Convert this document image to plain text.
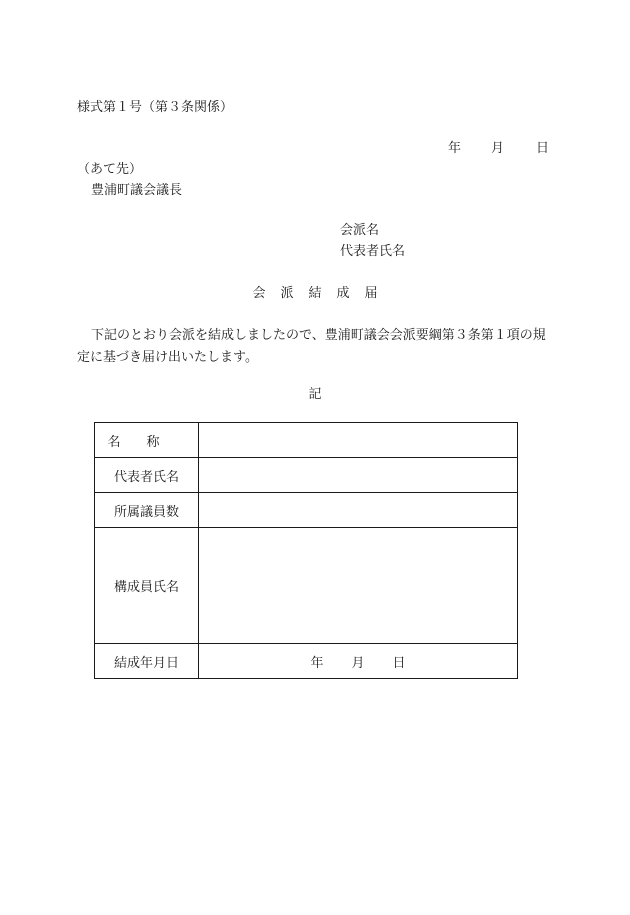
様式第１号（第３条関係）
年 月 日
（あて先）
豊浦町議会議長
会派名
代表者氏名
会派結成届
下記のとおり会派を結成しましたので、豊浦町議会会派要綱第３条第１項の規定に基づき届け出いたします。
記
名称	
代表者氏名	
所属議員数	
構成員氏名	
結成年月日	年 月 日
